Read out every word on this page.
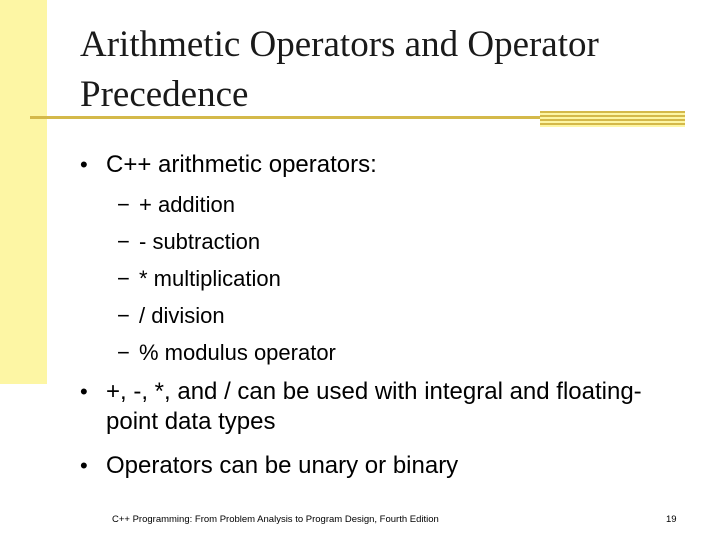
Arithmetic Operators and Operator Precedence
• C++ arithmetic operators:
− + addition
− - subtraction
− * multiplication
− / division
− % modulus operator
• +, -, *, and / can be used with integral and floating-point data types
• Operators can be unary or binary
C++ Programming: From Problem Analysis to Program Design, Fourth Edition	19
